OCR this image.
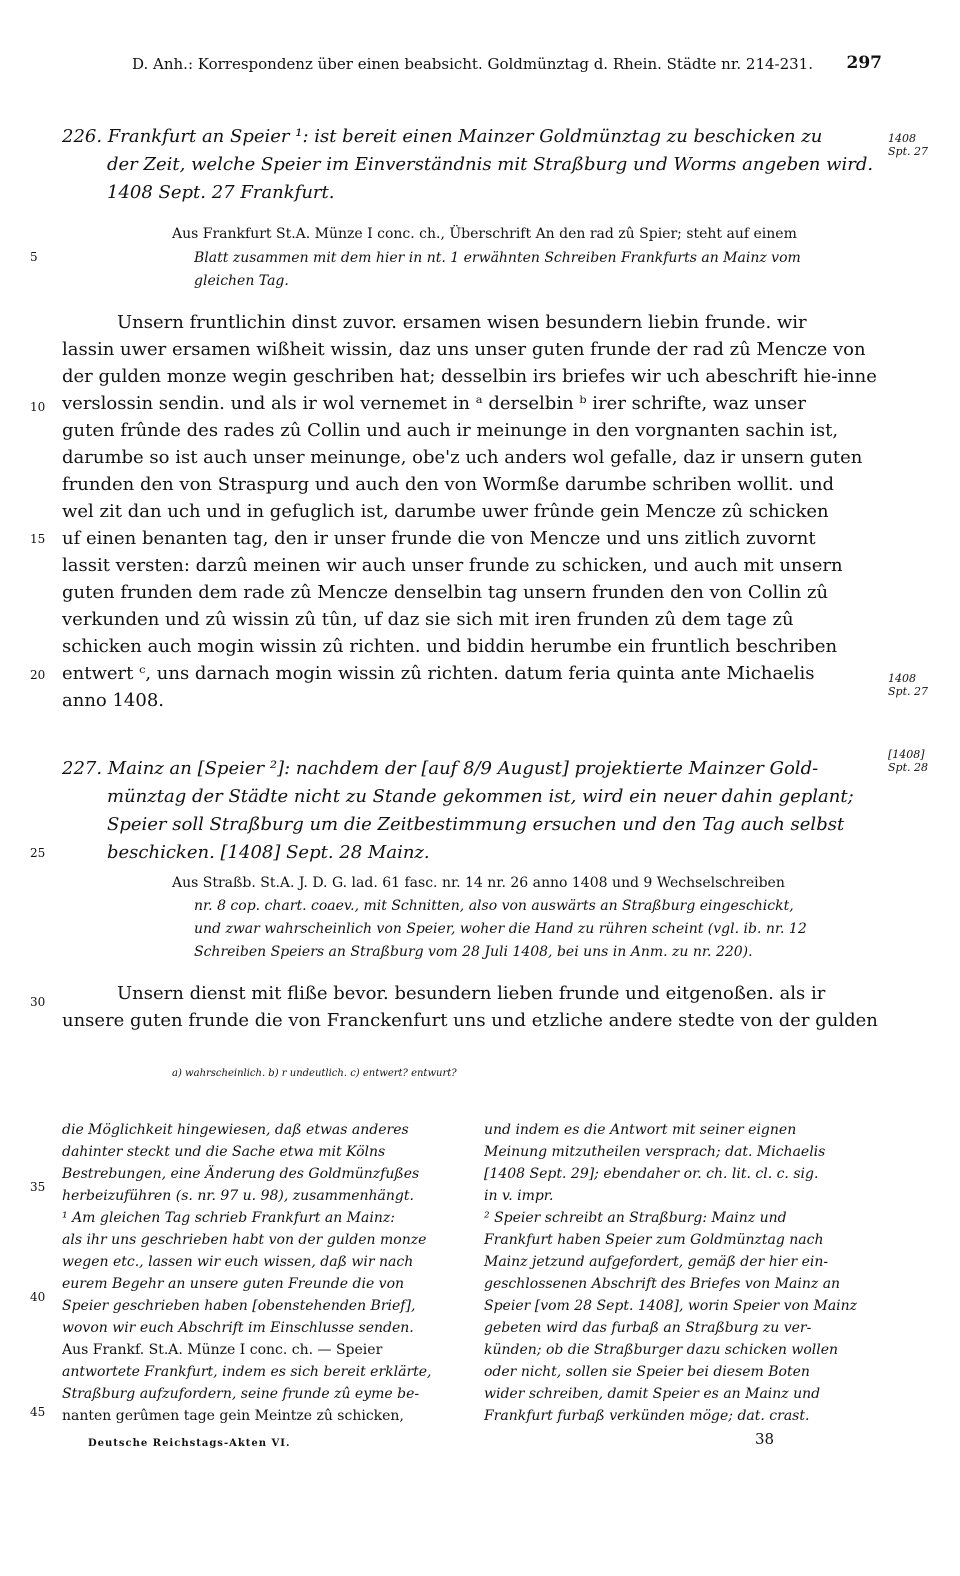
D. Anh.: Korrespondenz über einen beabsicht. Goldmünztag d. Rhein. Städte nr. 214-231. 297
5
10
15
20
25
30
35
40
45
1408
Spt. 27
1408
Spt. 27
[1408]
Spt. 28
226. Frankfurt an Speier ¹: ist bereit einen Mainzer Goldmünztag zu beschicken zu
der Zeit, welche Speier im Einverständnis mit Straßburg und Worms angeben wird.
1408 Sept. 27 Frankfurt.
Aus Frankfurt St.A. Münze I conc. ch., Überschrift An den rad zû Spier; steht auf einem
Blatt zusammen mit dem hier in nt. 1 erwähnten Schreiben Frankfurts an Mainz vom
gleichen Tag.
Unsern fruntlichin dinst zuvor. ersamen wisen besundern liebin frunde. wir
lassin uwer ersamen wißheit wissin, daz uns unser guten frunde der rad zû Mencze von
der gulden monze wegin geschriben hat; desselbin irs briefes wir uch abeschrift hie-inne
verslossin sendin. und als ir wol vernemet in ᵃ derselbin ᵇ irer schrifte, waz unser
guten frûnde des rades zû Collin und auch ir meinunge in den vorgnanten sachin ist,
darumbe so ist auch unser meinunge, obe'z uch anders wol gefalle, daz ir unsern guten
frunden den von Straspurg und auch den von Wormße darumbe schriben wollit. und
wel zit dan uch und in gefuglich ist, darumbe uwer frûnde gein Mencze zû schicken
uf einen benanten tag, den ir unser frunde die von Mencze und uns zitlich zuvornt
lassit versten: darzû meinen wir auch unser frunde zu schicken, und auch mit unsern
guten frunden dem rade zû Mencze denselbin tag unsern frunden den von Collin zû
verkunden und zû wissin zû tûn, uf daz sie sich mit iren frunden zû dem tage zû
schicken auch mogin wissin zû richten. und biddin herumbe ein fruntlich beschriben
entwert ᶜ, uns darnach mogin wissin zû richten. datum feria quinta ante Michaelis
anno 1408.
227. Mainz an [Speier ²]: nachdem der [auf 8/9 August] projektierte Mainzer Gold-
münztag der Städte nicht zu Stande gekommen ist, wird ein neuer dahin geplant;
Speier soll Straßburg um die Zeitbestimmung ersuchen und den Tag auch selbst
beschicken. [1408] Sept. 28 Mainz.
Aus Straßb. St.A. J. D. G. lad. 61 fasc. nr. 14 nr. 26 anno 1408 und 9 Wechselschreiben
nr. 8 cop. chart. coaev., mit Schnitten, also von auswärts an Straßburg eingeschickt,
und zwar wahrscheinlich von Speier, woher die Hand zu rühren scheint (vgl. ib. nr. 12
Schreiben Speiers an Straßburg vom 28 Juli 1408, bei uns in Anm. zu nr. 220).
Unsern dienst mit fliße bevor. besundern lieben frunde und eitgenoßen. als ir
unsere guten frunde die von Franckenfurt uns und etzliche andere stedte von der gulden
a) wahrscheinlich. b) r undeutlich. c) entwert? entwurt?
die Möglichkeit hingewiesen, daß etwas anderes
dahinter steckt und die Sache etwa mit Kölns
Bestrebungen, eine Änderung des Goldmünzfußes
herbeizuführen (s. nr. 97 u. 98), zusammenhängt.
¹ Am gleichen Tag schrieb Frankfurt an Mainz:
als ihr uns geschrieben habt von der gulden monze
wegen etc., lassen wir euch wissen, daß wir nach
eurem Begehr an unsere guten Freunde die von
Speier geschrieben haben [obenstehenden Brief],
wovon wir euch Abschrift im Einschlusse senden.
Aus Frankf. St.A. Münze I conc. ch. — Speier
antwortete Frankfurt, indem es sich bereit erklärte,
Straßburg aufzufordern, seine frunde zû eyme be-
nanten gerûmen tage gein Meintze zû schicken,
und indem es die Antwort mit seiner eignen
Meinung mitzutheilen versprach; dat. Michaelis
[1408 Sept. 29]; ebendaher or. ch. lit. cl. c. sig.
in v. impr.
² Speier schreibt an Straßburg: Mainz und
Frankfurt haben Speier zum Goldmünztag nach
Mainz jetzund aufgefordert, gemäß der hier ein-
geschlossenen Abschrift des Briefes von Mainz an
Speier [vom 28 Sept. 1408], worin Speier von Mainz
gebeten wird das furbaß an Straßburg zu ver-
künden; ob die Straßburger dazu schicken wollen
oder nicht, sollen sie Speier bei diesem Boten
wider schreiben, damit Speier es an Mainz und
Frankfurt furbaß verkünden möge; dat. crast.
38
Deutsche Reichstags-Akten VI.
